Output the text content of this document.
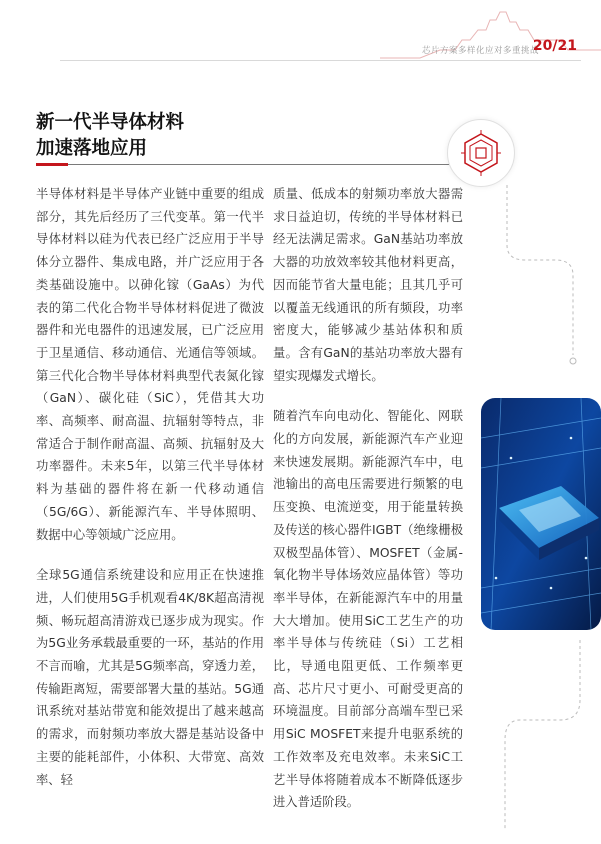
芯片方案多样化应对多重挑战
20/21
新一代半导体材料
加速落地应用

半导体材料是半导体产业链中重要的组成部分，其先后经历了三代变革。第一代半导体材料以硅为代表已经广泛应用于半导体分立器件、集成电路，并广泛应用于各类基础设施中。以砷化镓（GaAs）为代表的第二代化合物半导体材料促进了微波器件和光电器件的迅速发展，已广泛应用于卫星通信、移动通信、光通信等领域。第三代化合物半导体材料典型代表氮化镓（GaN）、碳化硅（SiC），凭借其大功率、高频率、耐高温、抗辐射等特点，非常适合于制作耐高温、高频、抗辐射及大功率器件。未来5年，以第三代半导体材料为基础的器件将在新一代移动通信（5G/6G）、新能源汽车、半导体照明、数据中心等领域广泛应用。

全球5G通信系统建设和应用正在快速推进，人们使用5G手机观看4K/8K超高清视频、畅玩超高清游戏已逐步成为现实。作为5G业务承载最重要的一环，基站的作用不言而喻，尤其是5G频率高，穿透力差，传输距离短，需要部署大量的基站。5G通讯系统对基站带宽和能效提出了越来越高的需求，而射频功率放大器是基站设备中主要的能耗部件，小体积、大带宽、高效率、轻

质量、低成本的射频功率放大器需求日益迫切，传统的半导体材料已经无法满足需求。GaN基站功率放大器的功放效率较其他材料更高，因而能节省大量电能；且其几乎可以覆盖无线通讯的所有频段，功率密度大，能够减少基站体积和质量。含有GaN的基站功率放大器有望实现爆发式增长。

随着汽车向电动化、智能化、网联化的方向发展，新能源汽车产业迎来快速发展期。新能源汽车中，电池输出的高电压需要进行频繁的电压变换、电流逆变，用于能量转换及传送的核心器件IGBT（绝缘栅极双极型晶体管）、MOSFET（金属-氧化物半导体场效应晶体管）等功率半导体，在新能源汽车中的用量大大增加。使用SiC工艺生产的功率半导体与传统硅（Si）工艺相比，导通电阻更低、工作频率更高、芯片尺寸更小、可耐受更高的环境温度。目前部分高端车型已采用SiC MOSFET来提升电驱系统的工作效率及充电效率。未来SiC工艺半导体将随着成本不断降低逐步进入普适阶段。
